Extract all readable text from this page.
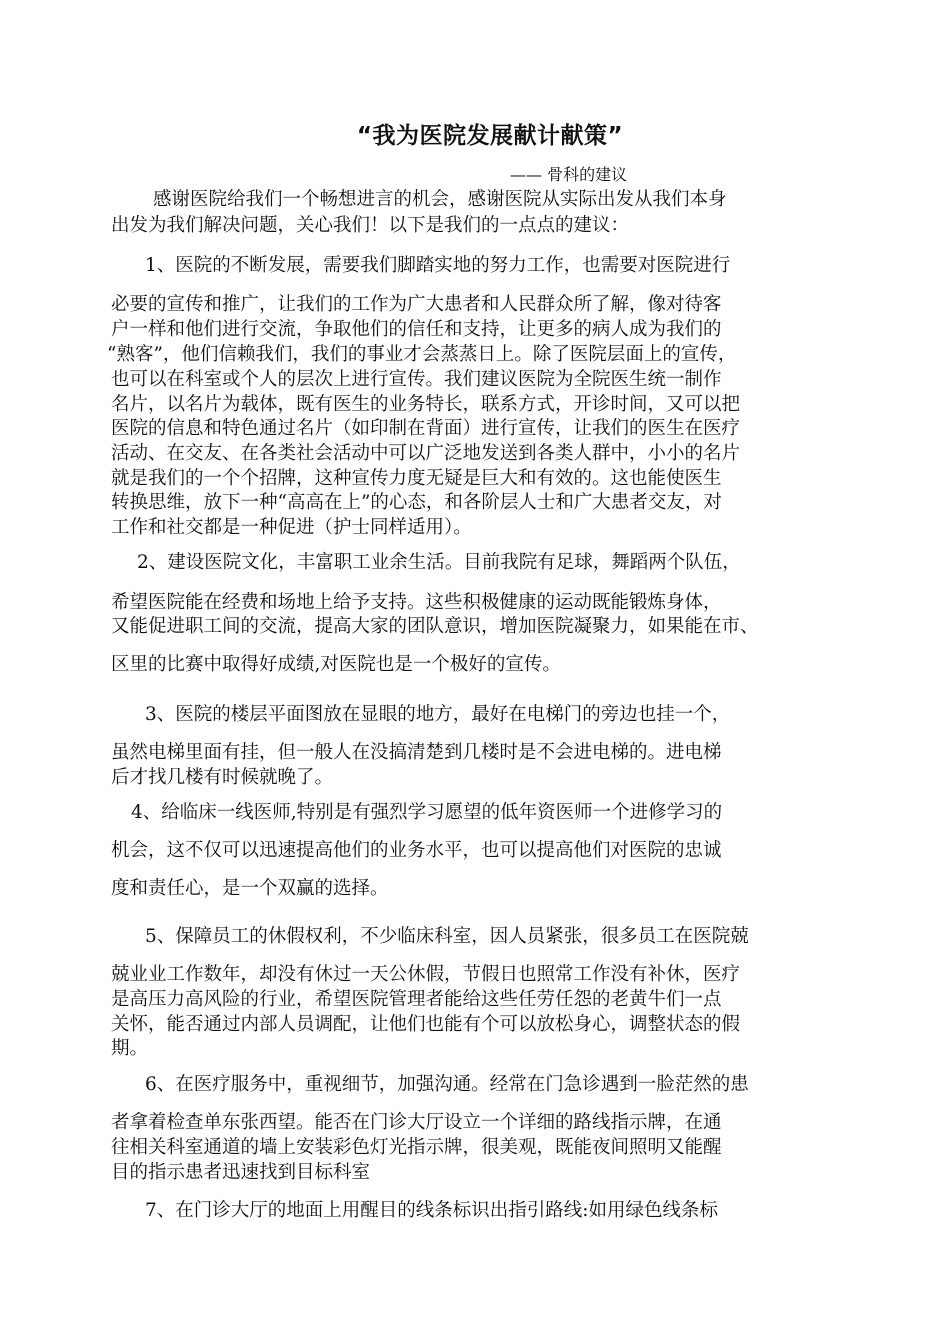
“我为医院发展献计献策”
—— 骨科的建议
感谢医院给我们一个畅想进言的机会，感谢医院从实际出发从我们本身
出发为我们解决问题，关心我们！以下是我们的一点点的建议：
1、医院的不断发展，需要我们脚踏实地的努力工作，也需要对医院进行
必要的宣传和推广，让我们的工作为广大患者和人民群众所了解，像对待客
户一样和他们进行交流，争取他们的信任和支持，让更多的病人成为我们的
“熟客”，他们信赖我们，我们的事业才会蒸蒸日上。除了医院层面上的宣传，
也可以在科室或个人的层次上进行宣传。我们建议医院为全院医生统一制作
名片，以名片为载体，既有医生的业务特长，联系方式，开诊时间，又可以把
医院的信息和特色通过名片（如印制在背面）进行宣传，让我们的医生在医疗
活动、在交友、在各类社会活动中可以广泛地发送到各类人群中，小小的名片
就是我们的一个个招牌，这种宣传力度无疑是巨大和有效的。这也能使医生
转换思维，放下一种“高高在上”的心态，和各阶层人士和广大患者交友，对
工作和社交都是一种促进（护士同样适用）。
2、建设医院文化，丰富职工业余生活。目前我院有足球，舞蹈两个队伍，
希望医院能在经费和场地上给予支持。这些积极健康的运动既能锻炼身体，
又能促进职工间的交流，提高大家的团队意识，增加医院凝聚力，如果能在市、
区里的比赛中取得好成绩,对医院也是一个极好的宣传。
3、医院的楼层平面图放在显眼的地方，最好在电梯门的旁边也挂一个，
虽然电梯里面有挂，但一般人在没搞清楚到几楼时是不会进电梯的。进电梯
后才找几楼有时候就晚了。
4、给临床一线医师,特别是有强烈学习愿望的低年资医师一个进修学习的
机会，这不仅可以迅速提高他们的业务水平，也可以提高他们对医院的忠诚
度和责任心，是一个双赢的选择。
5、保障员工的休假权利，不少临床科室，因人员紧张，很多员工在医院兢
兢业业工作数年，却没有休过一天公休假，节假日也照常工作没有补休，医疗
是高压力高风险的行业，希望医院管理者能给这些任劳任怨的老黄牛们一点
关怀，能否通过内部人员调配，让他们也能有个可以放松身心，调整状态的假
期。
6、在医疗服务中，重视细节，加强沟通。经常在门急诊遇到一脸茫然的患
者拿着检查单东张西望。能否在门诊大厅设立一个详细的路线指示牌，在通
往相关科室通道的墙上安装彩色灯光指示牌，很美观，既能夜间照明又能醒
目的指示患者迅速找到目标科室
7、在门诊大厅的地面上用醒目的线条标识出指引路线:如用绿色线条标
